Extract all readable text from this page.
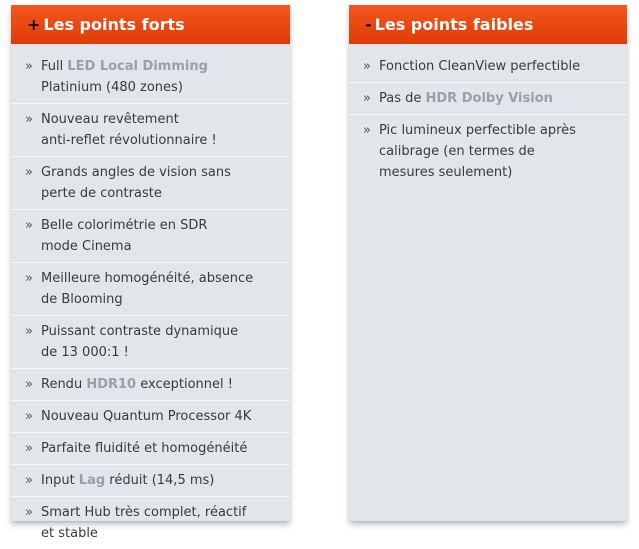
+ Les points forts
» Full LED Local Dimming
Platinium (480 zones)
» Nouveau revêtement
anti-reflet révolutionnaire !
» Grands angles de vision sans
perte de contraste
» Belle colorimétrie en SDR
mode Cinema
» Meilleure homogénéité, absence
de Blooming
» Puissant contraste dynamique
de 13 000:1 !
» Rendu HDR10 exceptionnel !
» Nouveau Quantum Processor 4K
» Parfaite fluidité et homogénéité
» Input Lag réduit (14,5 ms)
» Smart Hub très complet, réactif
et stable
- Les points faibles
» Fonction CleanView perfectible
» Pas de HDR Dolby Vision
» Pic lumineux perfectible après
calibrage (en termes de
mesures seulement)
